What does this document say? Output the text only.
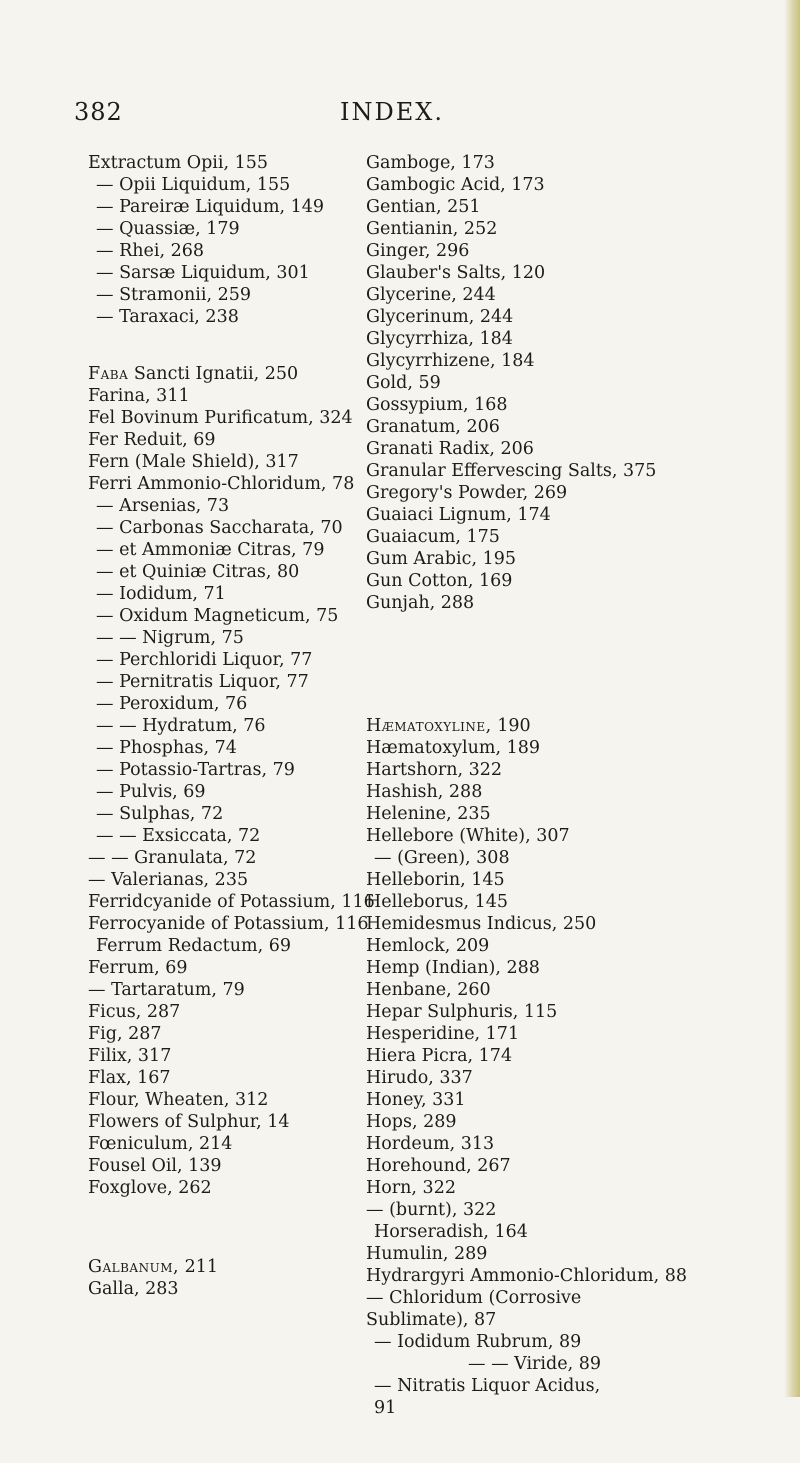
382	INDEX.
Extractum Opii, 155
— Opii Liquidum, 155
— Pareiræ Liquidum, 149
— Quassiæ, 179
— Rhei, 268
— Sarsæ Liquidum, 301
— Stramonii, 259
— Taraxaci, 238
Faba Sancti Ignatii, 250
Farina, 311
Fel Bovinum Purificatum, 324
Fer Reduit, 69
Fern (Male Shield), 317
Ferri Ammonio-Chloridum, 78
— Arsenias, 73
— Carbonas Saccharata, 70
— et Ammoniæ Citras, 79
— et Quiniæ Citras, 80
— Iodidum, 71
— Oxidum Magneticum, 75
— — Nigrum, 75
— Perchloridi Liquor, 77
— Pernitratis Liquor, 77
— Peroxidum, 76
— — Hydratum, 76
— Phosphas, 74
— Potassio-Tartras, 79
— Pulvis, 69
— Sulphas, 72
— — Exsiccata, 72
— — Granulata, 72
— Valerianas, 235
Ferridcyanide of Potassium, 116
Ferrocyanide of Potassium, 116
Ferrum Redactum, 69
Ferrum, 69
— Tartaratum, 79
Ficus, 287
Fig, 287
Filix, 317
Flax, 167
Flour, Wheaten, 312
Flowers of Sulphur, 14
Fœniculum, 214
Fousel Oil, 139
Foxglove, 262
Galbanum, 211
Galla, 283
Gamboge, 173
Gambogic Acid, 173
Gentian, 251
Gentianin, 252
Ginger, 296
Glauber's Salts, 120
Glycerine, 244
Glycerinum, 244
Glycyrrhiza, 184
Glycyrrhizene, 184
Gold, 59
Gossypium, 168
Granatum, 206
Granati Radix, 206
Granular Effervescing Salts, 375
Gregory's Powder, 269
Guaiaci Lignum, 174
Guaiacum, 175
Gum Arabic, 195
Gun Cotton, 169
Gunjah, 288
Hæmatoxyline, 190
Hæmatoxylum, 189
Hartshorn, 322
Hashish, 288
Helenine, 235
Hellebore (White), 307
— (Green), 308
Helleborin, 145
Helleborus, 145
Hemidesmus Indicus, 250
Hemlock, 209
Hemp (Indian), 288
Henbane, 260
Hepar Sulphuris, 115
Hesperidine, 171
Hiera Picra, 174
Hirudo, 337
Honey, 331
Hops, 289
Hordeum, 313
Horehound, 267
Horn, 322
— (burnt), 322
Horseradish, 164
Humulin, 289
Hydrargyri Ammonio-Chloridum, 88
— Chloridum (Corrosive
Sublimate), 87
— Iodidum Rubrum, 89
— — Viride, 89
— Nitratis Liquor Acidus,
91
